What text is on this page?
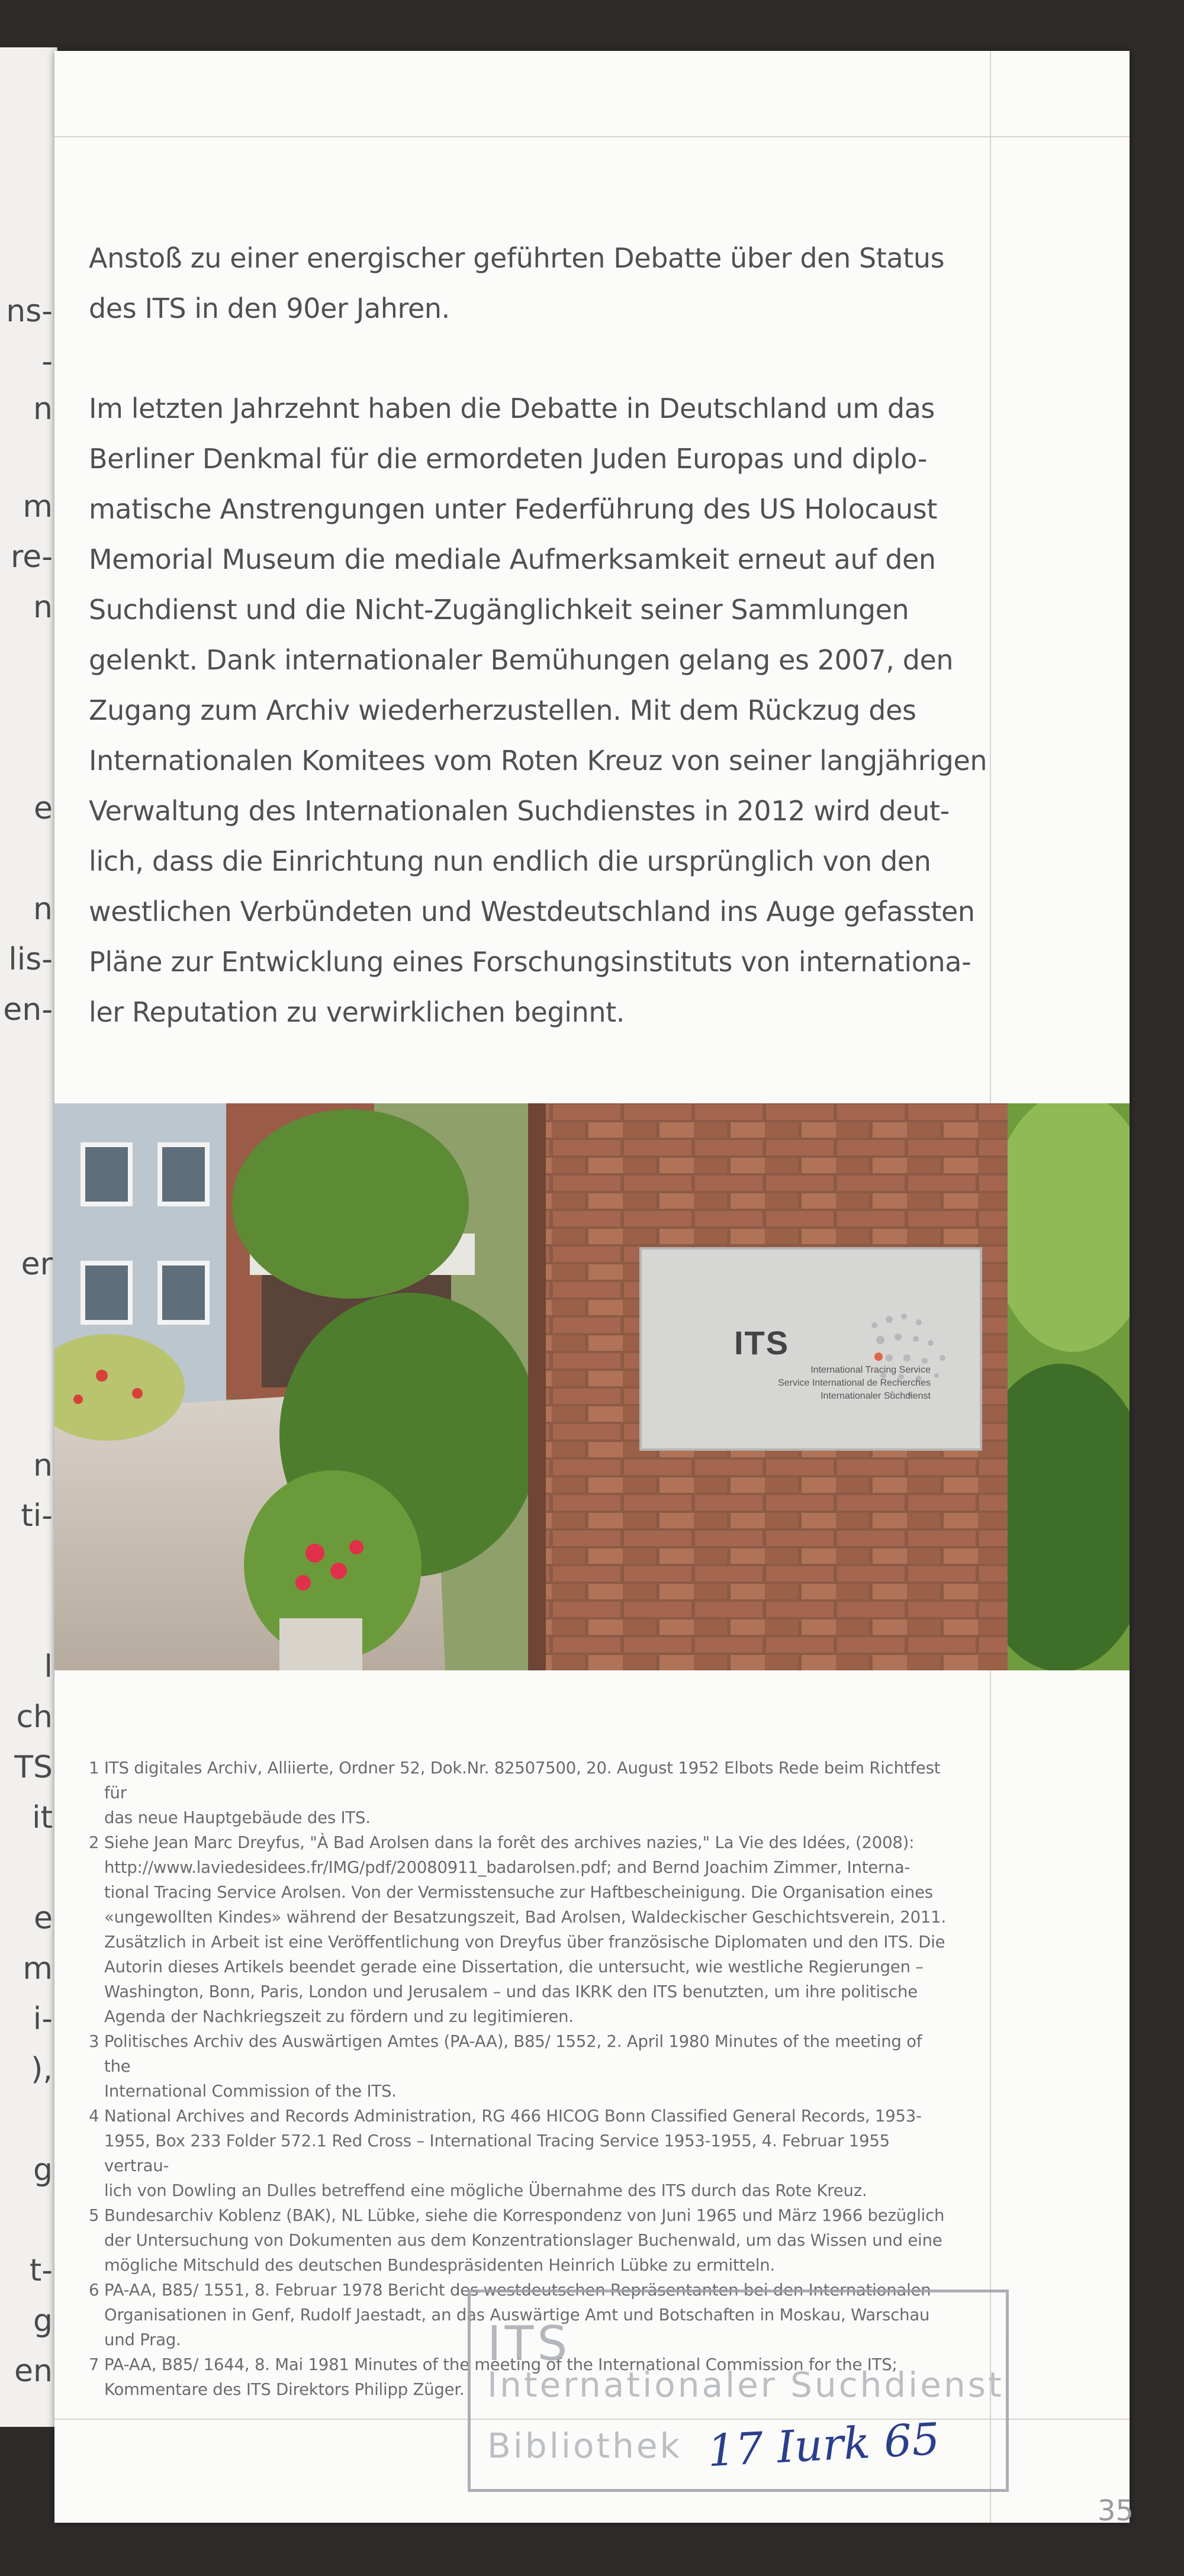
ns-
-
n
m
re-
n
e
n
lis-
en-
er
n
ti-
l
ch
TS
it
e
m
i-
),
g
t-
g
en

Anstoß zu einer energischer geführten Debatte über den Status
des ITS in den 90er Jahren.

Im letzten Jahrzehnt haben die Debatte in Deutschland um das
Berliner Denkmal für die ermordeten Juden Europas und diplo-
matische Anstrengungen unter Federführung des US Holocaust
Memorial Museum die mediale Aufmerksamkeit erneut auf den
Suchdienst und die Nicht-Zugänglichkeit seiner Sammlungen
gelenkt. Dank internationaler Bemühungen gelang es 2007, den
Zugang zum Archiv wiederherzustellen. Mit dem Rückzug des
Internationalen Komitees vom Roten Kreuz von seiner langjährigen
Verwaltung des Internationalen Suchdienstes in 2012 wird deut-
lich, dass die Einrichtung nun endlich die ursprünglich von den
westlichen Verbündeten und Westdeutschland ins Auge gefassten
Pläne zur Entwicklung eines Forschungsinstituts von internationa-
ler Reputation zu verwirklichen beginnt.

ITS
International Tracing Service
Service International de Recherches
Internationaler Suchdienst
1 ITS digitales Archiv, Alliierte, Ordner 52, Dok.Nr. 82507500, 20. August 1952 Elbots Rede beim Richtfest für
das neue Hauptgebäude des ITS.
2 Siehe Jean Marc Dreyfus, "À Bad Arolsen dans la forêt des archives nazies," La Vie des Idées, (2008):
http://www.laviedesidees.fr/IMG/pdf/20080911_badarolsen.pdf; and Bernd Joachim Zimmer, Interna-
tional Tracing Service Arolsen. Von der Vermisstensuche zur Haftbescheinigung. Die Organisation eines
«ungewollten Kindes» während der Besatzungszeit, Bad Arolsen, Waldeckischer Geschichtsverein, 2011.
Zusätzlich in Arbeit ist eine Veröffentlichung von Dreyfus über französische Diplomaten und den ITS. Die
Autorin dieses Artikels beendet gerade eine Dissertation, die untersucht, wie westliche Regierungen –
Washington, Bonn, Paris, London und Jerusalem – und das IKRK den ITS benutzten, um ihre politische
Agenda der Nachkriegszeit zu fördern und zu legitimieren.
3 Politisches Archiv des Auswärtigen Amtes (PA-AA), B85/ 1552, 2. April 1980 Minutes of the meeting of the
International Commission of the ITS.
4 National Archives and Records Administration, RG 466 HICOG Bonn Classified General Records, 1953-
1955, Box 233 Folder 572.1 Red Cross – International Tracing Service 1953-1955, 4. Februar 1955 vertrau-
lich von Dowling an Dulles betreffend eine mögliche Übernahme des ITS durch das Rote Kreuz.
5 Bundesarchiv Koblenz (BAK), NL Lübke, siehe die Korrespondenz von Juni 1965 und März 1966 bezüglich
der Untersuchung von Dokumenten aus dem Konzentrationslager Buchenwald, um das Wissen und eine
mögliche Mitschuld des deutschen Bundespräsidenten Heinrich Lübke zu ermitteln.
6 PA-AA, B85/ 1551, 8. Februar 1978 Bericht des westdeutschen Repräsentanten bei den Internationalen
Organisationen in Genf, Rudolf Jaestadt, an das Auswärtige Amt und Botschaften in Moskau, Warschau
und Prag.
7 PA-AA, B85/ 1644, 8. Mai 1981 Minutes of the meeting of the International Commission for the ITS;
Kommentare des ITS Direktors Philipp Züger.
35
ITS
Internationaler Suchdienst
Bibliothek 17 Iurk 65
